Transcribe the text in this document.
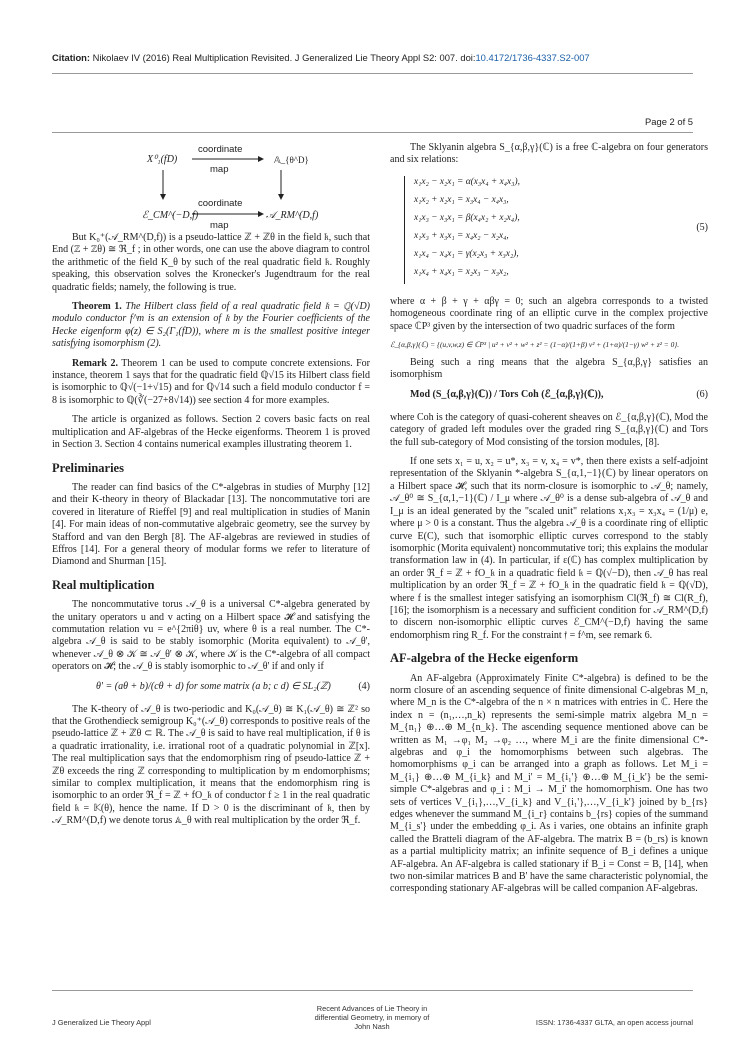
Citation: Nikolaev IV (2016) Real Multiplication Revisited. J Generalized Lie Theory Appl S2: 007. doi:10.4172/1736-4337.S2-007
Page 2 of 5
X⁰₁(fD)
coordinate
map
𝔸_{θ^D}
ℰ_CM^(−D,f)
coordinate
map
𝒜_RM^(D,f)

But K₀⁺(𝒜_RM^(D,f)) is a pseudo-lattice ℤ + ℤθ in the field 𝔨, such that End (ℤ + ℤθ) ≅ ℜ_f ; in other words, one can use the above diagram to control the arithmetic of the field K_θ by such of the real quadratic field 𝔨. Roughly speaking, this observation solves the Kronecker's Jugendtraum for the real quadratic fields; namely, the following is true.

Theorem 1. The Hilbert class field of a real quadratic field 𝔨 = ℚ(√D) modulo conductor f^m is an extension of 𝔨 by the Fourier coefficients of the Hecke eigenform φ(z) ∈ S₂(Γ₁(fD)), where m is the smallest positive integer satisfying isomorphism (2).

Remark 2. Theorem 1 can be used to compute concrete extensions. For instance, theorem 1 says that for the quadratic field ℚ√15 its Hilbert class field is isomorphic to ℚ√(−1+√15) and for ℚ√14 such a field modulo conductor f = 8 is isomorphic to ℚ(∛(−27+8√14)) see section 4 for more examples.

The article is organized as follows. Section 2 covers basic facts on real multiplication and AF-algebras of the Hecke eigenforms. Theorem 1 is proved in Section 3. Section 4 contains numerical examples illustrating theorem 1.

Preliminaries

The reader can find basics of the C*-algebras in studies of Murphy [12] and their K-theory in theory of Blackadar [13]. The noncommutative tori are covered in literature of Rieffel [9] and real multiplication in studies of Manin [4]. For main ideas of non-commutative algebraic geometry, see the survey by Stafford and van den Bergh [8]. The AF-algebras are reviewed in studies of Effros [14]. For a general theory of modular forms we refer to literature of Diamond and Shurman [15].

Real multiplication

The noncommutative torus 𝒜_θ is a universal C*-algebra generated by the unitary operators u and v acting on a Hilbert space 𝓗 and satisfying the commutation relation vu = e^{2πiθ} uv, where θ is a real number. The C*-algebra 𝒜_θ is said to be stably isomorphic (Morita equivalent) to 𝒜_θ', whenever 𝒜_θ ⊗ 𝒦 ≅ 𝒜_θ' ⊗ 𝒦, where 𝒦 is the C*-algebra of all compact operators on 𝓗; the 𝒜_θ is stably isomorphic to 𝒜_θ' if and only if

θ' = (aθ + b)/(cθ + d) for some matrix (a b; c d) ∈ SL₂(ℤ)	(4)

The K-theory of 𝒜_θ is two-periodic and K₀(𝒜_θ) ≅ K₁(𝒜_θ) ≅ ℤ² so that the Grothendieck semigroup K₀⁺(𝒜_θ) corresponds to positive reals of the pseudo-lattice ℤ + ℤθ ⊂ ℝ. The 𝒜_θ is said to have real multiplication, if θ is a quadratic irrationality, i.e. irrational root of a quadratic polynomial in ℤ[x]. The real multiplication says that the endomorphism ring of pseudo-lattice ℤ + ℤθ exceeds the ring ℤ corresponding to multiplication by m endomorphisms; similar to complex multiplication, it means that the endomorphism ring is isomorphic to an order ℜ_f = ℤ + fO_𝔨 of conductor f ≥ 1 in the real quadratic field 𝔨 = 𝕂(θ), hence the name. If D > 0 is the discriminant of 𝔨, then by 𝒜_RM^(D,f) we denote torus 𝔸_θ with real multiplication by the order ℜ_f.

The Sklyanin algebra S_{α,β,γ}(ℂ) is a free ℂ-algebra on four generators and six relations:

x₁x₂ − x₂x₁ = α(x₃x₄ + x₄x₃),
x₁x₂ + x₂x₁ = x₃x₄ − x₄x₃,
x₁x₃ − x₃x₁ = β(x₄x₂ + x₂x₄),
x₁x₃ + x₃x₁ = x₄x₂ − x₂x₄,
x₁x₄ − x₄x₁ = γ(x₂x₃ + x₃x₂),
x₁x₄ + x₄x₁ = x₂x₃ − x₃x₂,
(5)

where α + β + γ + αβγ = 0; such an algebra corresponds to a twisted homogeneous coordinate ring of an elliptic curve in the complex projective space ℂP³ given by the intersection of two quadric surfaces of the form

ℰ_{α,β,γ}(ℂ) = {(u,v,w,z) ∈ ℂP³ | u² + v² + w² + z² = (1−α)/(1+β) v² + (1+α)/(1−γ) w² + z² = 0}.

Being such a ring means that the algebra S_{α,β,γ} satisfies an isomorphism

Mod (S_{α,β,γ}(ℂ)) / Tors Coh (ℰ_{α,β,γ}(ℂ)),	(6)

where Coh is the category of quasi-coherent sheaves on ℰ_{α,β,γ}(ℂ), Mod the category of graded left modules over the graded ring S_{α,β,γ}(ℂ) and Tors the full sub-category of Mod consisting of the torsion modules, [8].

If one sets x₁ = u, x₂ = u*, x₃ = v, x₄ = v*, then there exists a self-adjoint representation of the Sklyanin *-algebra S_{α,1,−1}(ℂ) by linear operators on a Hilbert space 𝓗, such that its norm-closure is isomorphic to 𝒜_θ; namely, 𝒜_θ⁰ ≅ S_{α,1,−1}(ℂ) / I_μ where 𝒜_θ⁰ is a dense sub-algebra of 𝒜_θ and I_μ is an ideal generated by the "scaled unit" relations x₁x₃ = x₃x₄ = (1/μ) e, where μ > 0 is a constant. Thus the algebra 𝒜_θ is a coordinate ring of elliptic curve E(C), such that isomorphic elliptic curves correspond to the stably isomorphic (Morita equivalent) noncommutative tori; this explains the modular transformation law in (4). In particular, if ε(ℂ) has complex multiplication by an order ℜ_f = ℤ + fO_𝔨 in a quadratic field 𝔨 = ℚ(√−D), then 𝒜_θ has real multiplication by an order ℜ_f = ℤ + fO_𝔨 in the quadratic field 𝔨 = ℚ(√D), where f is the smallest integer satisfying an isomorphism Cl(ℜ_f) ≅ Cl(R_f), [16]; the isomorphism is a necessary and sufficient condition for 𝒜_RM^(D,f) to discern non-isomorphic elliptic curves ℰ_CM^(−D,f) having the same endomorphism ring R_f. For the constraint 𝔣 = f^m, see remark 6.

AF-algebra of the Hecke eigenform

An AF-algebra (Approximately Finite C*-algebra) is defined to be the norm closure of an ascending sequence of finite dimensional C-algebras M_n, where M_n is the C*-algebra of the n × n matrices with entries in ℂ. Here the index n = (n₁,…,n_k) represents the semi-simple matrix algebra M_n = M_{n₁} ⊕…⊕ M_{n_k}. The ascending sequence mentioned above can be written as M₁ →φ₁ M₂ →φ₂ …, where M_i are the finite dimensional C*-algebras and φ_i the homomorphisms between such algebras. The homomorphisms φ_i can be arranged into a graph as follows. Let M_i = M_{i₁} ⊕…⊕ M_{i_k} and M_i' = M_{i₁'} ⊕…⊕ M_{i_k'} be the semi-simple C*-algebras and φ_i : M_i → M_i' the homomorphism. One has two sets of vertices V_{i₁},…,V_{i_k} and V_{i₁'},…,V_{i_k'} joined by b_{rs} edges whenever the summand M_{i_r} contains b_{rs} copies of the summand M_{i_s'} under the embedding φ_i. As i varies, one obtains an infinite graph called the Bratteli diagram of the AF-algebra. The matrix B = (b_rs) is known as a partial multiplicity matrix; an infinite sequence of B_i defines a unique AF-algebra. An AF-algebra is called stationary if B_i = Const = B, [14], when two non-similar matrices B and B' have the same characteristic polynomial, the corresponding stationary AF-algebras will be called companion AF-algebras.

J Generalized Lie Theory Appl
Recent Advances of Lie Theory in
differential Geometry, in memory of
John Nash	ISSN: 1736-4337 GLTA, an open access journal
